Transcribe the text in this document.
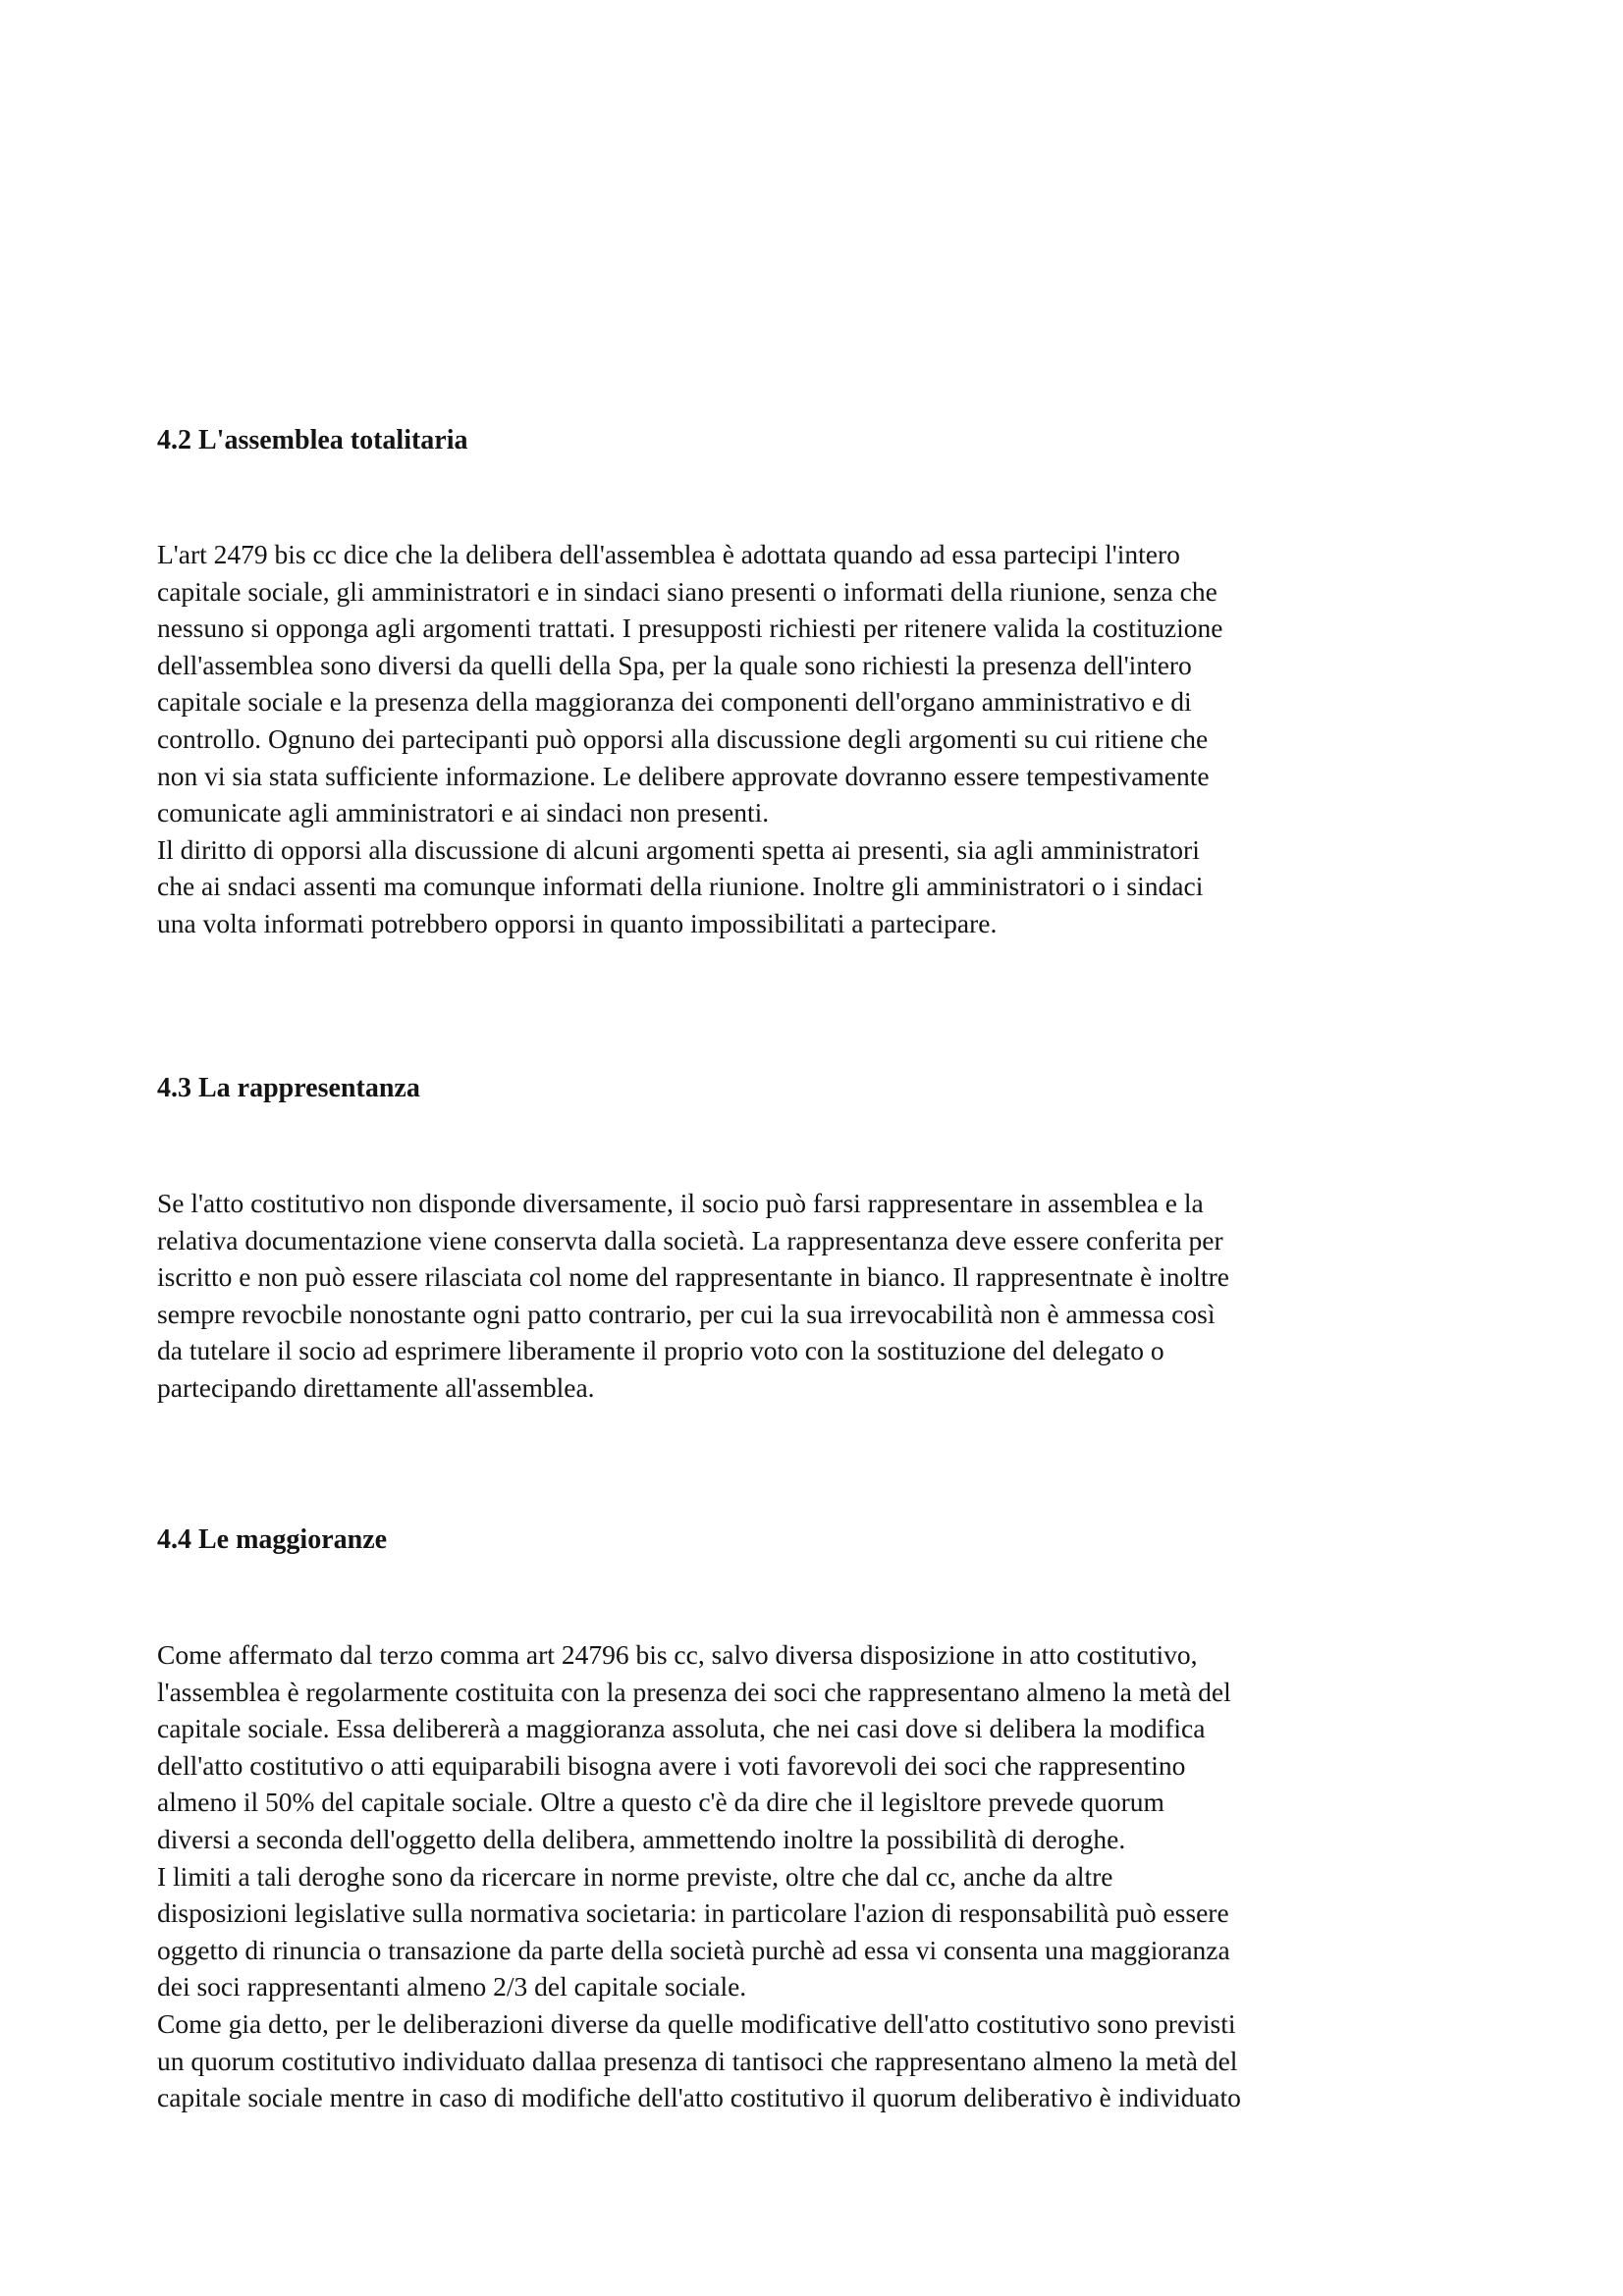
4.2 L'assemblea totalitaria
L'art 2479 bis cc dice che la delibera dell'assemblea è adottata quando ad essa partecipi l'intero
capitale sociale, gli amministratori e in sindaci siano presenti o informati della riunione, senza che
nessuno si opponga agli argomenti trattati. I presupposti richiesti per ritenere valida la costituzione
dell'assemblea sono diversi da quelli della Spa, per la quale sono richiesti la presenza dell'intero
capitale sociale e la presenza della maggioranza dei componenti dell'organo amministrativo e di
controllo. Ognuno dei partecipanti può opporsi alla discussione degli argomenti su cui ritiene che
non vi sia stata sufficiente informazione. Le delibere approvate dovranno essere tempestivamente
comunicate agli amministratori e ai sindaci non presenti.
Il diritto di opporsi alla discussione di alcuni argomenti spetta ai presenti, sia agli amministratori
che ai sndaci assenti ma comunque informati della riunione. Inoltre gli amministratori o i sindaci
una volta informati potrebbero opporsi in quanto impossibilitati a partecipare.
4.3 La rappresentanza
Se l'atto costitutivo non disponde diversamente, il socio può farsi rappresentare in assemblea e la
relativa documentazione viene conservta dalla società. La rappresentanza deve essere conferita per
iscritto e non può essere rilasciata col nome del rappresentante in bianco. Il rappresentnate è inoltre
sempre revocbile nonostante ogni patto contrario, per cui la sua irrevocabilità non è ammessa così
da tutelare il socio ad esprimere liberamente il proprio voto con la sostituzione del delegato o
partecipando direttamente all'assemblea.
4.4 Le maggioranze
Come affermato dal terzo comma art 24796 bis cc, salvo diversa disposizione in atto costitutivo,
l'assemblea è regolarmente costituita con la presenza dei soci che rappresentano almeno la metà del
capitale sociale. Essa delibererà a maggioranza assoluta, che nei casi dove si delibera la modifica
dell'atto costitutivo o atti equiparabili bisogna avere i voti favorevoli dei soci che rappresentino
almeno il 50% del capitale sociale. Oltre a questo c'è da dire che il legisltore prevede quorum
diversi a seconda dell'oggetto della delibera, ammettendo inoltre la possibilità di deroghe.
I limiti a tali deroghe sono da ricercare in norme previste, oltre che dal cc, anche da altre
disposizioni legislative sulla normativa societaria: in particolare l'azion di responsabilità può essere
oggetto di rinuncia o transazione da parte della società purchè ad essa vi consenta una maggioranza
dei soci rappresentanti almeno 2/3 del capitale sociale.
Come gia detto, per le deliberazioni diverse da quelle modificative dell'atto costitutivo sono previsti
un quorum costitutivo individuato dallaa presenza di tantisoci che rappresentano almeno la metà del
capitale sociale mentre in caso di modifiche dell'atto costitutivo il quorum deliberativo è individuato
